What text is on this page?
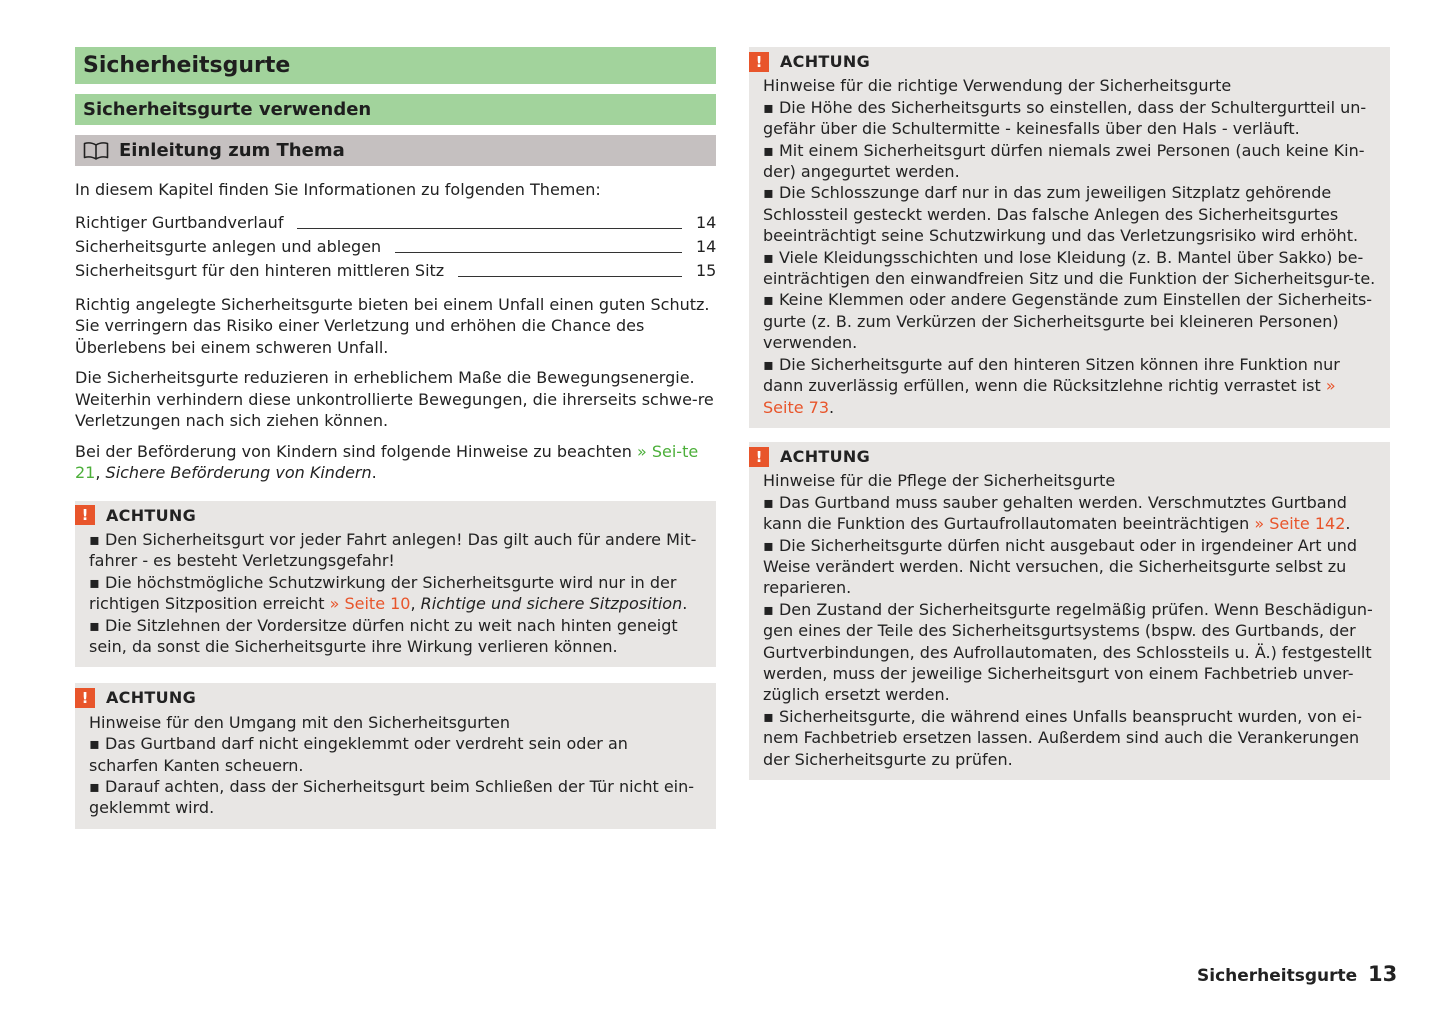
Sicherheitsgurte
Sicherheitsgurte verwenden
Einleitung zum Thema

In diesem Kapitel finden Sie Informationen zu folgenden Themen:

Richtiger Gurtbandverlauf	14
Sicherheitsgurte anlegen und ablegen	14
Sicherheitsgurt für den hinteren mittleren Sitz	15

Richtig angelegte Sicherheitsgurte bieten bei einem Unfall einen guten Schutz. Sie verringern das Risiko einer Verletzung und erhöhen die Chance des Überlebens bei einem schweren Unfall.

Die Sicherheitsgurte reduzieren in erheblichem Maße die Bewegungsenergie. Weiterhin verhindern diese unkontrollierte Bewegungen, die ihrerseits schwe-re Verletzungen nach sich ziehen können.

Bei der Beförderung von Kindern sind folgende Hinweise zu beachten » Sei-te 21, Sichere Beförderung von Kindern.

!	ACHTUNG
▪ Den Sicherheitsgurt vor jeder Fahrt anlegen! Das gilt auch für andere Mit-fahrer - es besteht Verletzungsgefahr!
▪ Die höchstmögliche Schutzwirkung der Sicherheitsgurte wird nur in der richtigen Sitzposition erreicht » Seite 10, Richtige und sichere Sitzposition.
▪ Die Sitzlehnen der Vordersitze dürfen nicht zu weit nach hinten geneigt sein, da sonst die Sicherheitsgurte ihre Wirkung verlieren können.
!	ACHTUNG
Hinweise für den Umgang mit den Sicherheitsgurten
▪ Das Gurtband darf nicht eingeklemmt oder verdreht sein oder an scharfen Kanten scheuern.
▪ Darauf achten, dass der Sicherheitsgurt beim Schließen der Tür nicht ein-geklemmt wird.
!	ACHTUNG
Hinweise für die richtige Verwendung der Sicherheitsgurte
▪ Die Höhe des Sicherheitsgurts so einstellen, dass der Schultergurtteil un-gefähr über die Schultermitte - keinesfalls über den Hals - verläuft.
▪ Mit einem Sicherheitsgurt dürfen niemals zwei Personen (auch keine Kin-der) angegurtet werden.
▪ Die Schlosszunge darf nur in das zum jeweiligen Sitzplatz gehörende Schlossteil gesteckt werden. Das falsche Anlegen des Sicherheitsgurtes beeinträchtigt seine Schutzwirkung und das Verletzungsrisiko wird erhöht.
▪ Viele Kleidungsschichten und lose Kleidung (z. B. Mantel über Sakko) be-einträchtigen den einwandfreien Sitz und die Funktion der Sicherheitsgur-te.
▪ Keine Klemmen oder andere Gegenstände zum Einstellen der Sicherheits-gurte (z. B. zum Verkürzen der Sicherheitsgurte bei kleineren Personen) verwenden.
▪ Die Sicherheitsgurte auf den hinteren Sitzen können ihre Funktion nur dann zuverlässig erfüllen, wenn die Rücksitzlehne richtig verrastet ist » Seite 73.
!	ACHTUNG
Hinweise für die Pflege der Sicherheitsgurte
▪ Das Gurtband muss sauber gehalten werden. Verschmutztes Gurtband kann die Funktion des Gurtaufrollautomaten beeinträchtigen » Seite 142.
▪ Die Sicherheitsgurte dürfen nicht ausgebaut oder in irgendeiner Art und Weise verändert werden. Nicht versuchen, die Sicherheitsgurte selbst zu reparieren.
▪ Den Zustand der Sicherheitsgurte regelmäßig prüfen. Wenn Beschädigun-gen eines der Teile des Sicherheitsgurtsystems (bspw. des Gurtbands, der Gurtverbindungen, des Aufrollautomaten, des Schlossteils u. Ä.) festgestellt werden, muss der jeweilige Sicherheitsgurt von einem Fachbetrieb unver-züglich ersetzt werden.
▪ Sicherheitsgurte, die während eines Unfalls beansprucht wurden, von ei-nem Fachbetrieb ersetzen lassen. Außerdem sind auch die Verankerungen der Sicherheitsgurte zu prüfen.
Sicherheitsgurte 13
